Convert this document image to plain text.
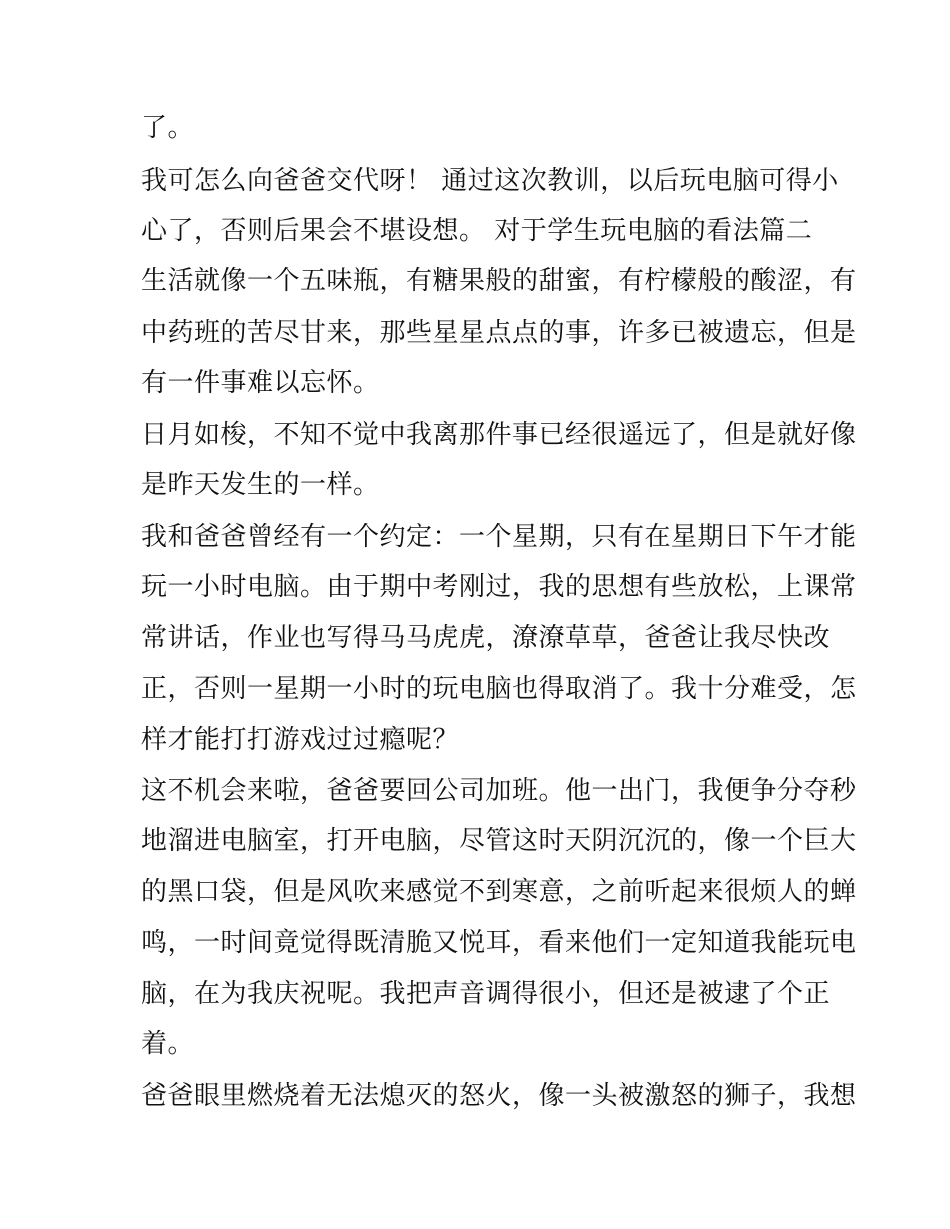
了。
我可怎么向爸爸交代呀！ 通过这次教训，以后玩电脑可得小
心了，否则后果会不堪设想。 对于学生玩电脑的看法篇二
生活就像一个五味瓶，有糖果般的甜蜜，有柠檬般的酸涩，有
中药班的苦尽甘来，那些星星点点的事，许多已被遗忘，但是
有一件事难以忘怀。
日月如梭，不知不觉中我离那件事已经很遥远了，但是就好像
是昨天发生的一样。
我和爸爸曾经有一个约定：一个星期，只有在星期日下午才能
玩一小时电脑。由于期中考刚过，我的思想有些放松，上课常
常讲话，作业也写得马马虎虎，潦潦草草，爸爸让我尽快改
正，否则一星期一小时的玩电脑也得取消了。我十分难受，怎
样才能打打游戏过过瘾呢？
这不机会来啦，爸爸要回公司加班。他一出门，我便争分夺秒
地溜进电脑室，打开电脑，尽管这时天阴沉沉的，像一个巨大
的黑口袋，但是风吹来感觉不到寒意，之前听起来很烦人的蝉
鸣，一时间竟觉得既清脆又悦耳，看来他们一定知道我能玩电
脑，在为我庆祝呢。我把声音调得很小，但还是被逮了个正
着。
爸爸眼里燃烧着无法熄灭的怒火，像一头被激怒的狮子，我想
